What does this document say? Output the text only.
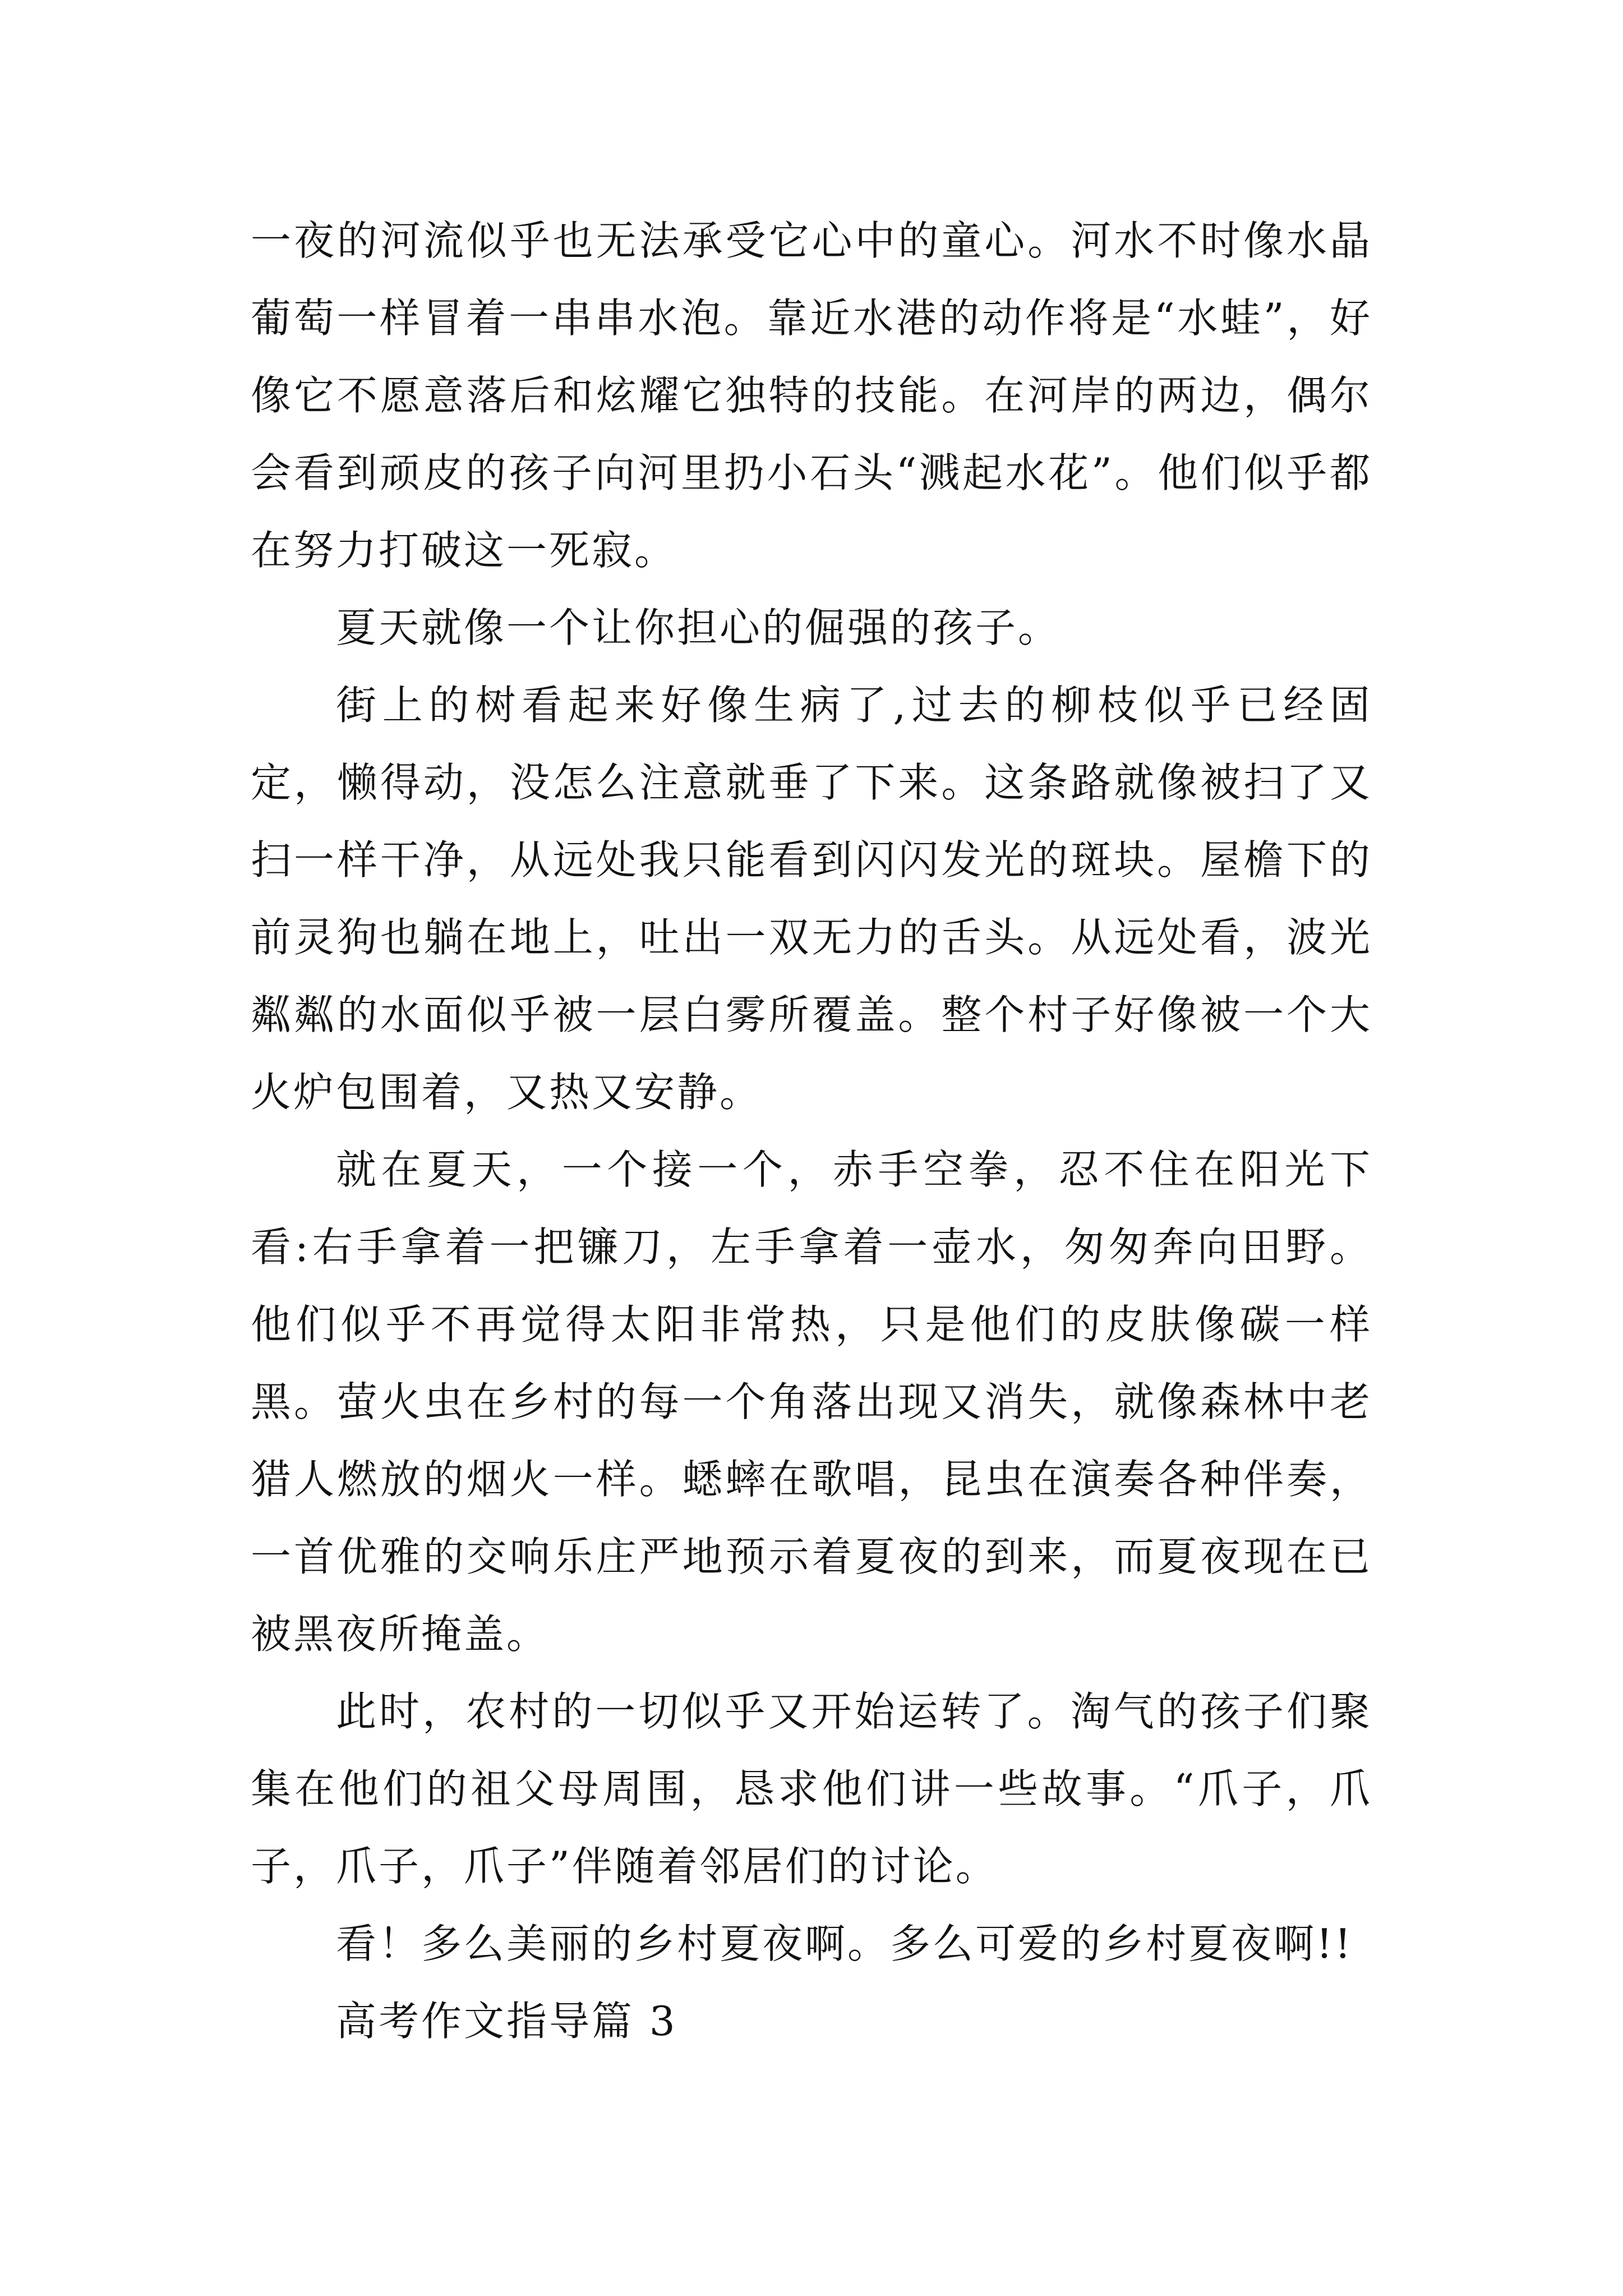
一夜的河流似乎也无法承受它心中的童心。河水不时像水晶葡萄一样冒着一串串水泡。靠近水港的动作将是“水蛙”，好像它不愿意落后和炫耀它独特的技能。在河岸的两边，偶尔会看到顽皮的孩子向河里扔小石头“溅起水花”。他们似乎都在努力打破这一死寂。

夏天就像一个让你担心的倔强的孩子。

街上的树看起来好像生病了,过去的柳枝似乎已经固定，懒得动，没怎么注意就垂了下来。这条路就像被扫了又扫一样干净，从远处我只能看到闪闪发光的斑块。屋檐下的前灵狗也躺在地上，吐出一双无力的舌头。从远处看，波光粼粼的水面似乎被一层白雾所覆盖。整个村子好像被一个大火炉包围着，又热又安静。

就在夏天，一个接一个，赤手空拳，忍不住在阳光下看:右手拿着一把镰刀，左手拿着一壶水，匆匆奔向田野。他们似乎不再觉得太阳非常热，只是他们的皮肤像碳一样黑。萤火虫在乡村的每一个角落出现又消失，就像森林中老猎人燃放的烟火一样。蟋蟀在歌唱，昆虫在演奏各种伴奏，一首优雅的交响乐庄严地预示着夏夜的到来，而夏夜现在已被黑夜所掩盖。

此时，农村的一切似乎又开始运转了。淘气的孩子们聚集在他们的祖父母周围，恳求他们讲一些故事。“爪子，爪子，爪子，爪子”伴随着邻居们的讨论。

看！多么美丽的乡村夏夜啊。多么可爱的乡村夏夜啊!!

高考作文指导篇 3
